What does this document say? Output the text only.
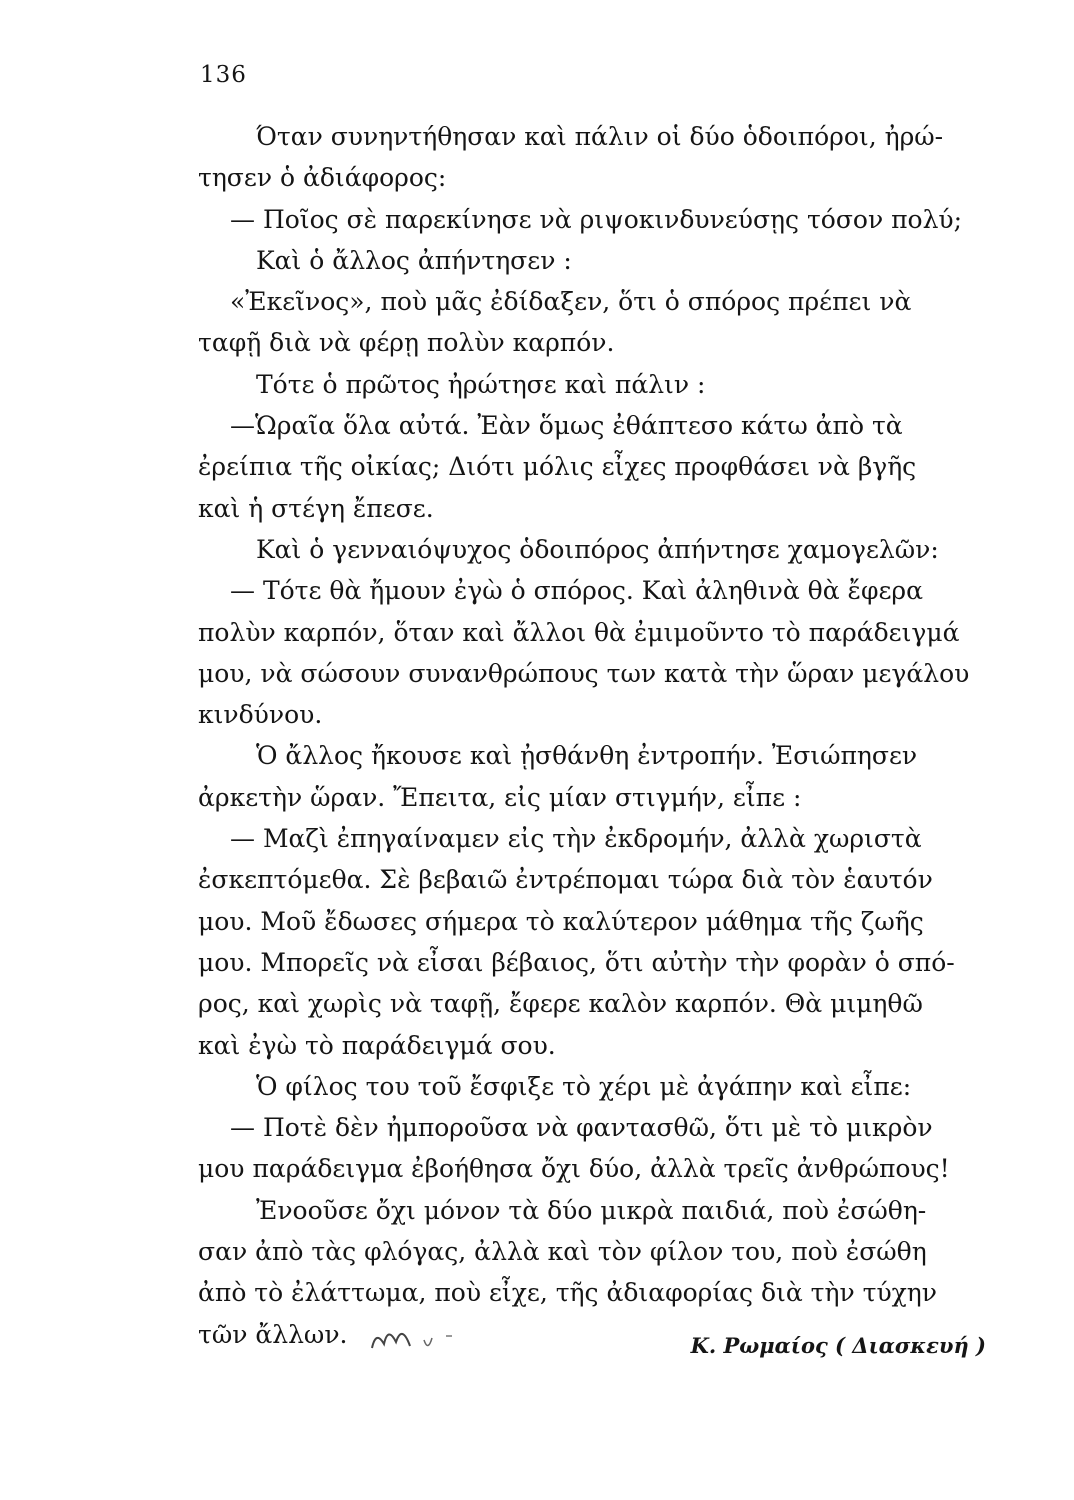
136
Όταν συνηντήθησαν καὶ πάλιν οἱ δύο ὁδοιπόροι, ἠρώ-
τησεν ὁ ἀδιάφορος:
— Ποῖος σὲ παρεκίνησε νὰ ριψοκινδυνεύσῃς τόσον πολύ;
Καὶ ὁ ἄλλος ἀπήντησεν :
«Ἐκεῖνος», ποὺ μᾶς ἐδίδαξεν, ὅτι ὁ σπόρος πρέπει νὰ
ταφῇ διὰ νὰ φέρῃ πολὺν καρπόν.
Τότε ὁ πρῶτος ἠρώτησε καὶ πάλιν :
—Ὡραῖα ὅλα αὐτά. Ἐὰν ὅμως ἐθάπτεσο κάτω ἀπὸ τὰ
ἐρείπια τῆς οἰκίας; Διότι μόλις εἶχες προφθάσει νὰ βγῆς
καὶ ἡ στέγη ἔπεσε.
Καὶ ὁ γενναιόψυχος ὁδοιπόρος ἀπήντησε χαμογελῶν:
— Τότε θὰ ἤμουν ἐγὼ ὁ σπόρος. Καὶ ἀληθινὰ θὰ ἔφερα
πολὺν καρπόν, ὅταν καὶ ἄλλοι θὰ ἐμιμοῦντο τὸ παράδειγμά
μου, νὰ σώσουν συνανθρώπους των κατὰ τὴν ὥραν μεγάλου
κινδύνου.
Ὁ ἄλλος ἤκουσε καὶ ᾐσθάνθη ἐντροπήν. Ἐσιώπησεν
ἀρκετὴν ὥραν. Ἔπειτα, εἰς μίαν στιγμήν, εἶπε :
— Μαζὶ ἐπηγαίναμεν εἰς τὴν ἐκδρομήν, ἀλλὰ χωριστὰ
ἐσκεπτόμεθα. Σὲ βεβαιῶ ἐντρέπομαι τώρα διὰ τὸν ἑαυτόν
μου. Μοῦ ἔδωσες σήμερα τὸ καλύτερον μάθημα τῆς ζωῆς
μου. Μπορεῖς νὰ εἶσαι βέβαιος, ὅτι αὐτὴν τὴν φορὰν ὁ σπό-
ρος, καὶ χωρὶς νὰ ταφῇ, ἔφερε καλὸν καρπόν. Θὰ μιμηθῶ
καὶ ἐγὼ τὸ παράδειγμά σου.
Ὁ φίλος του τοῦ ἔσφιξε τὸ χέρι μὲ ἀγάπην καὶ εἶπε:
— Ποτὲ δὲν ἠμποροῦσα νὰ φαντασθῶ, ὅτι μὲ τὸ μικρὸν
μου παράδειγμα ἐβοήθησα ὄχι δύο, ἀλλὰ τρεῖς ἀνθρώπους!
Ἐνοοῦσε ὄχι μόνον τὰ δύο μικρὰ παιδιά, ποὺ ἐσώθη-
σαν ἀπὸ τὰς φλόγας, ἀλλὰ καὶ τὸν φίλον του, ποὺ ἐσώθη
ἀπὸ τὸ ἐλάττωμα, ποὺ εἶχε, τῆς ἀδιαφορίας διὰ τὴν τύχην
τῶν ἄλλων.	Κ. Ρωμαίος ( Διασκευή )
